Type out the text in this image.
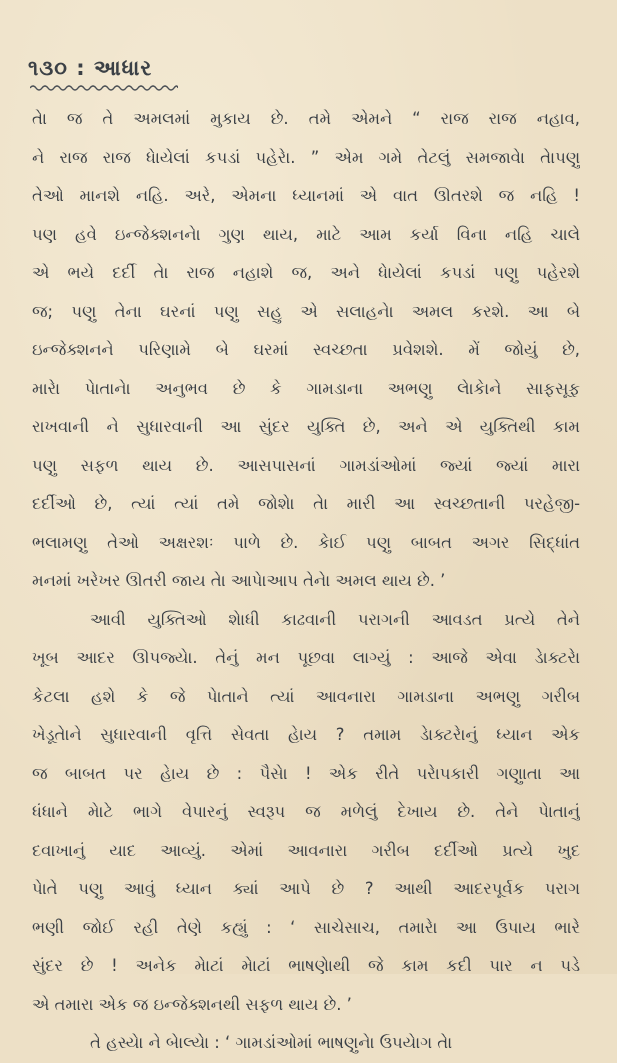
૧૩૦ : આધાર
તેા જ તે અમલમાં મુકાય છે. તમે એમને “ રાજ રાજ નહાવ,
ને રાજ રાજ ધેાયેલાં કપડાં પહેરેા. ” એમ ગમે તેટલું સમજાવેા તેાપણુ
તેઓ માનશે નહિ. અરે, એમના ધ્યાનમાં એ વાત ઊતરશે જ નહિ !
પણ હવે ઇન્જેક્શનનેા ગુણ થાય, માટે આમ કર્યા વિના નહિ ચાલે
એ ભયે દર્દી તેા રાજ નહાશે જ, અને ધેાયેલાં કપડાં પણુ પહેરશે
જ; પણુ તેના ઘરનાં પણુ સહુ એ સલાહનેા અમલ કરશે. આ બે
ઇન્જેક્શનને પરિણામે બે ઘરમાં સ્વચ્છતા પ્રવેશશે. મેં જોયું છે,
મારેા પેાતાનેા અનુભવ છે કે ગામડાના અભણુ લેાકેાને સાફસૂફ
રાખવાની ને સુધારવાની આ સુંદર યુક્તિ છે, અને એ યુક્તિથી કામ
પણુ સફળ થાય છે. આસપાસનાં ગામડાંઓમાં જ્યાં જ્યાં મારા
દર્દીઓ છે, ત્યાં ત્યાં તમે જોશેા તેા મારી આ સ્વચ્છતાની પરહેજી-
ભલામણુ તેઓ અક્ષરશઃ પાળે છે. કેાઈ પણુ બાબત અગર સિદ્ધાંત
મનમાં ખરેખર ઊતરી જાય તેા આપેાઆપ તેનેા અમલ થાય છે. ’
આવી યુક્તિઓ શેાધી કાઢવાની પરાગની આવડત પ્રત્યે તેને
ખૂબ આદર ઊપજ્યેા. તેનું મન પૂછવા લાગ્યું : આજે એવા ડેાક્ટરેા
કેટલા હશે કે જે પેાતાને ત્યાં આવનારા ગામડાના અભણુ ગરીબ
ખેડૂતેાને સુધારવાની વૃત્તિ સેવતા હેાય ? તમામ ડેાક્ટરેાનું ધ્યાન એક
જ બાબત પર હેાય છે : પૈસેા ! એક રીતે પરેાપકારી ગણુાતા આ
ધંધાને મેાટે ભાગે વેપારનું સ્વરૂપ જ મળેલું દેખાય છે. તેને પેાતાનું
દવાખાનું યાદ આવ્યું. એમાં આવનારા ગરીબ દર્દીઓ પ્રત્યે ખુદ
પેાતે પણુ આવું ધ્યાન ક્યાં આપે છે ? આથી આદરપૂર્વક પરાગ
ભણી જોઈ રહી તેણે કહ્યું : ‘ સાચેસાચ, તમારેા આ ઉપાય ભારે
સુંદર છે ! અનેક મેાટાં મેાટાં ભાષણેાથી જે કામ કદી પાર ન પડે
એ તમારા એક જ ઇન્જેક્શનથી સફળ થાય છે. ’
તે હસ્યેા ને બેાલ્યેા : ‘ ગામડાંઓમાં ભાષણુનેા ઉપયેાગ તેા
